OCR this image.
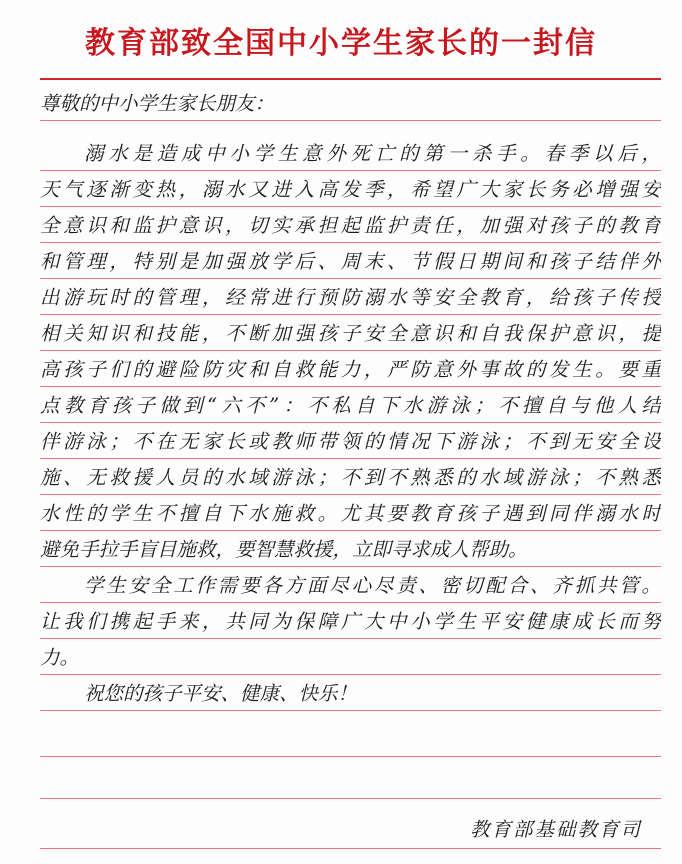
教育部致全国中小学生家长的一封信
尊敬的中小学生家长朋友：
溺水是造成中小学生意外死亡的第一杀手。春季以后，
天气逐渐变热，溺水又进入高发季，希望广大家长务必增强安
全意识和监护意识，切实承担起监护责任，加强对孩子的教育
和管理，特别是加强放学后、周末、节假日期间和孩子结伴外
出游玩时的管理，经常进行预防溺水等安全教育，给孩子传授
相关知识和技能，不断加强孩子安全意识和自我保护意识，提
高孩子们的避险防灾和自救能力，严防意外事故的发生。要重
点教育孩子做到“六不”：不私自下水游泳；不擅自与他人结
伴游泳；不在无家长或教师带领的情况下游泳；不到无安全设
施、无救援人员的水域游泳；不到不熟悉的水域游泳；不熟悉
水性的学生不擅自下水施救。尤其要教育孩子遇到同伴溺水时
避免手拉手盲目施救，要智慧救援，立即寻求成人帮助。
学生安全工作需要各方面尽心尽责、密切配合、齐抓共管。
让我们携起手来，共同为保障广大中小学生平安健康成长而努
力。
祝您的孩子平安、健康、快乐！
教育部基础教育司
